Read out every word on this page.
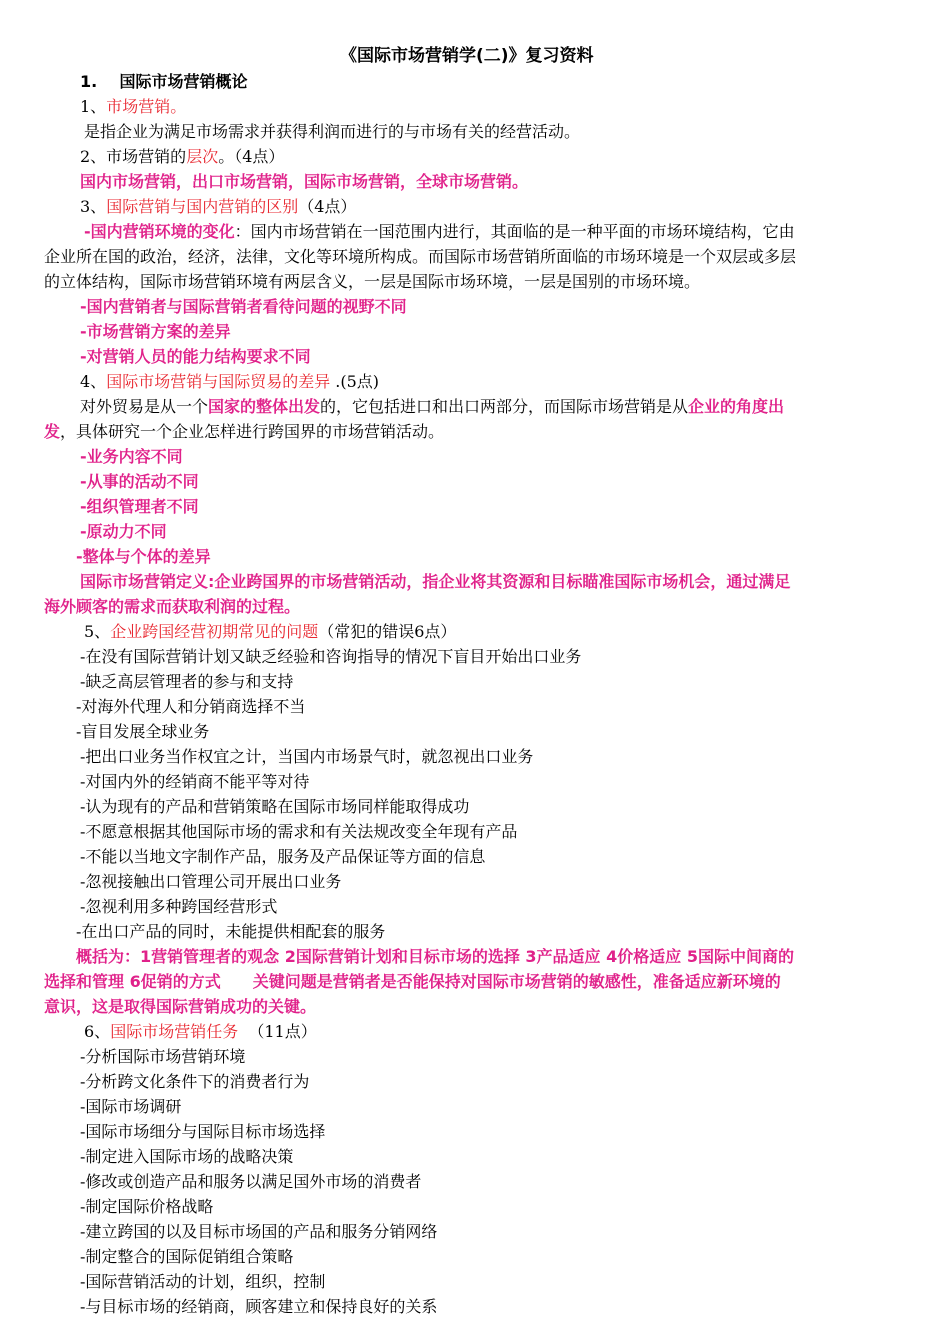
《国际市场营销学(二)》复习资料
1. 国际市场营销概论
1、市场营销。
是指企业为满足市场需求并获得利润而进行的与市场有关的经营活动。
2、市场营销的层次。（4点）
国内市场营销，出口市场营销，国际市场营销，全球市场营销。
3、国际营销与国内营销的区别（4点）
-国内营销环境的变化：国内市场营销在一国范围内进行，其面临的是一种平面的市场环境结构，它由
企业所在国的政治，经济，法律，文化等环境所构成。而国际市场营销所面临的市场环境是一个双层或多层
的立体结构，国际市场营销环境有两层含义，一层是国际市场环境，一层是国别的市场环境。
-国内营销者与国际营销者看待问题的视野不同
-市场营销方案的差异
-对营销人员的能力结构要求不同
4、国际市场营销与国际贸易的差异 .(5点)
对外贸易是从一个国家的整体出发的，它包括进口和出口两部分，而国际市场营销是从企业的角度出
发，具体研究一个企业怎样进行跨国界的市场营销活动。
-业务内容不同
-从事的活动不同
-组织管理者不同
-原动力不同
-整体与个体的差异
国际市场营销定义:企业跨国界的市场营销活动，指企业将其资源和目标瞄准国际市场机会，通过满足
海外顾客的需求而获取利润的过程。
5、企业跨国经营初期常见的问题（常犯的错误6点）
-在没有国际营销计划又缺乏经验和咨询指导的情况下盲目开始出口业务
-缺乏高层管理者的参与和支持
-对海外代理人和分销商选择不当
-盲目发展全球业务
-把出口业务当作权宜之计，当国内市场景气时，就忽视出口业务
-对国内外的经销商不能平等对待
-认为现有的产品和营销策略在国际市场同样能取得成功
-不愿意根据其他国际市场的需求和有关法规改变全年现有产品
-不能以当地文字制作产品，服务及产品保证等方面的信息
-忽视接触出口管理公司开展出口业务
-忽视利用多种跨国经营形式
-在出口产品的同时，未能提供相配套的服务
概括为：1营销管理者的观念 2国际营销计划和目标市场的选择 3产品适应 4价格适应 5国际中间商的
选择和管理 6促销的方式　　关键问题是营销者是否能保持对国际市场营销的敏感性，准备适应新环境的
意识，这是取得国际营销成功的关键。
6、国际市场营销任务 （11点）
-分析国际市场营销环境
-分析跨文化条件下的消费者行为
-国际市场调研
-国际市场细分与国际目标市场选择
-制定进入国际市场的战略决策
-修改或创造产品和服务以满足国外市场的消费者
-制定国际价格战略
-建立跨国的以及目标市场国的产品和服务分销网络
-制定整合的国际促销组合策略
-国际营销活动的计划，组织，控制
-与目标市场的经销商，顾客建立和保持良好的关系
